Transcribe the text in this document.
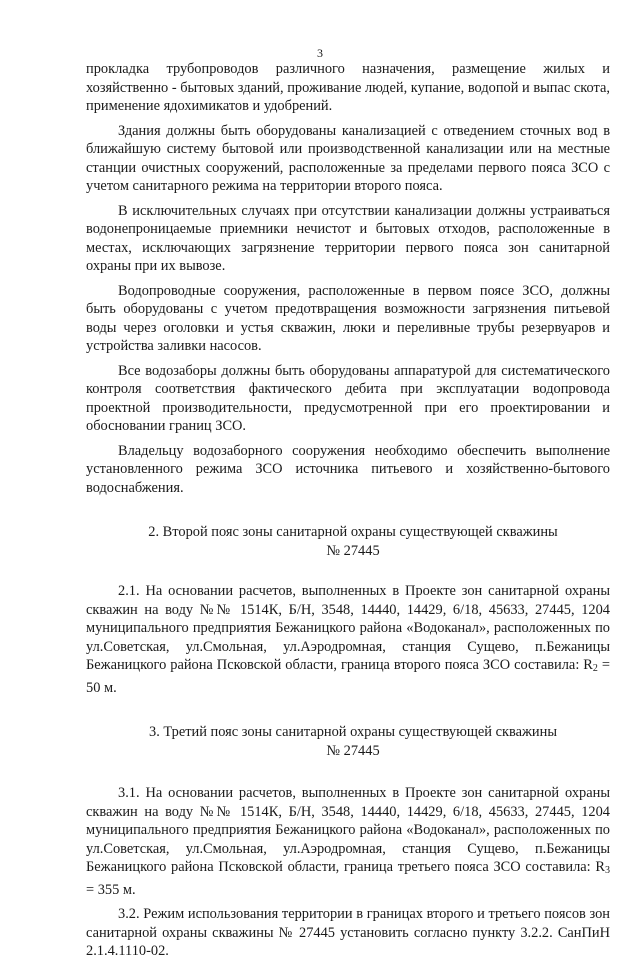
3

прокладка трубопроводов различного назначения, размещение жилых и хозяйственно - бытовых зданий, проживание людей, купание, водопой и выпас скота, применение ядохимикатов и удобрений.

Здания должны быть оборудованы канализацией с отведением сточных вод в ближайшую систему бытовой или производственной канализации или на местные станции очистных сооружений, расположенные за пределами первого пояса ЗСО с учетом санитарного режима на территории второго пояса.

В исключительных случаях при отсутствии канализации должны устраиваться водонепроницаемые приемники нечистот и бытовых отходов, расположенные в местах, исключающих загрязнение территории первого пояса зон санитарной охраны при их вывозе.

Водопроводные сооружения, расположенные в первом поясе ЗСО, должны быть оборудованы с учетом предотвращения возможности загрязнения питьевой воды через оголовки и устья скважин, люки и переливные трубы резервуаров и устройства заливки насосов.

Все водозаборы должны быть оборудованы аппаратурой для систематического контроля соответствия фактического дебита при эксплуатации водопровода проектной производительности, предусмотренной при его проектировании и обосновании границ ЗСО.

Владельцу водозаборного сооружения необходимо обеспечить выполнение установленного режима ЗСО источника питьевого и хозяйственно-бытового водоснабжения.

2. Второй пояс зоны санитарной охраны существующей скважины
№ 27445

2.1. На основании расчетов, выполненных в Проекте зон санитарной охраны скважин на воду №№ 1514К, Б/Н, 3548, 14440, 14429, 6/18, 45633, 27445, 1204 муниципального предприятия Бежаницкого района «Водоканал», расположенных по ул.Советская, ул.Смольная, ул.Аэродромная, станция Сущево, п.Бежаницы Бежаницкого района Псковской области, граница второго пояса ЗСО составила: $R_2 = 50$ м.

3. Третий пояс зоны санитарной охраны существующей скважины
№ 27445

3.1. На основании расчетов, выполненных в Проекте зон санитарной охраны скважин на воду №№ 1514К, Б/Н, 3548, 14440, 14429, 6/18, 45633, 27445, 1204 муниципального предприятия Бежаницкого района «Водоканал», расположенных по ул.Советская, ул.Смольная, ул.Аэродромная, станция Сущево, п.Бежаницы Бежаницкого района Псковской области, граница третьего пояса ЗСО составила: $R_3 = 355$ м.

3.2. Режим использования территории в границах второго и третьего поясов зон санитарной охраны скважины № 27445 установить согласно пункту 3.2.2. СанПиН 2.1.4.1110-02.
